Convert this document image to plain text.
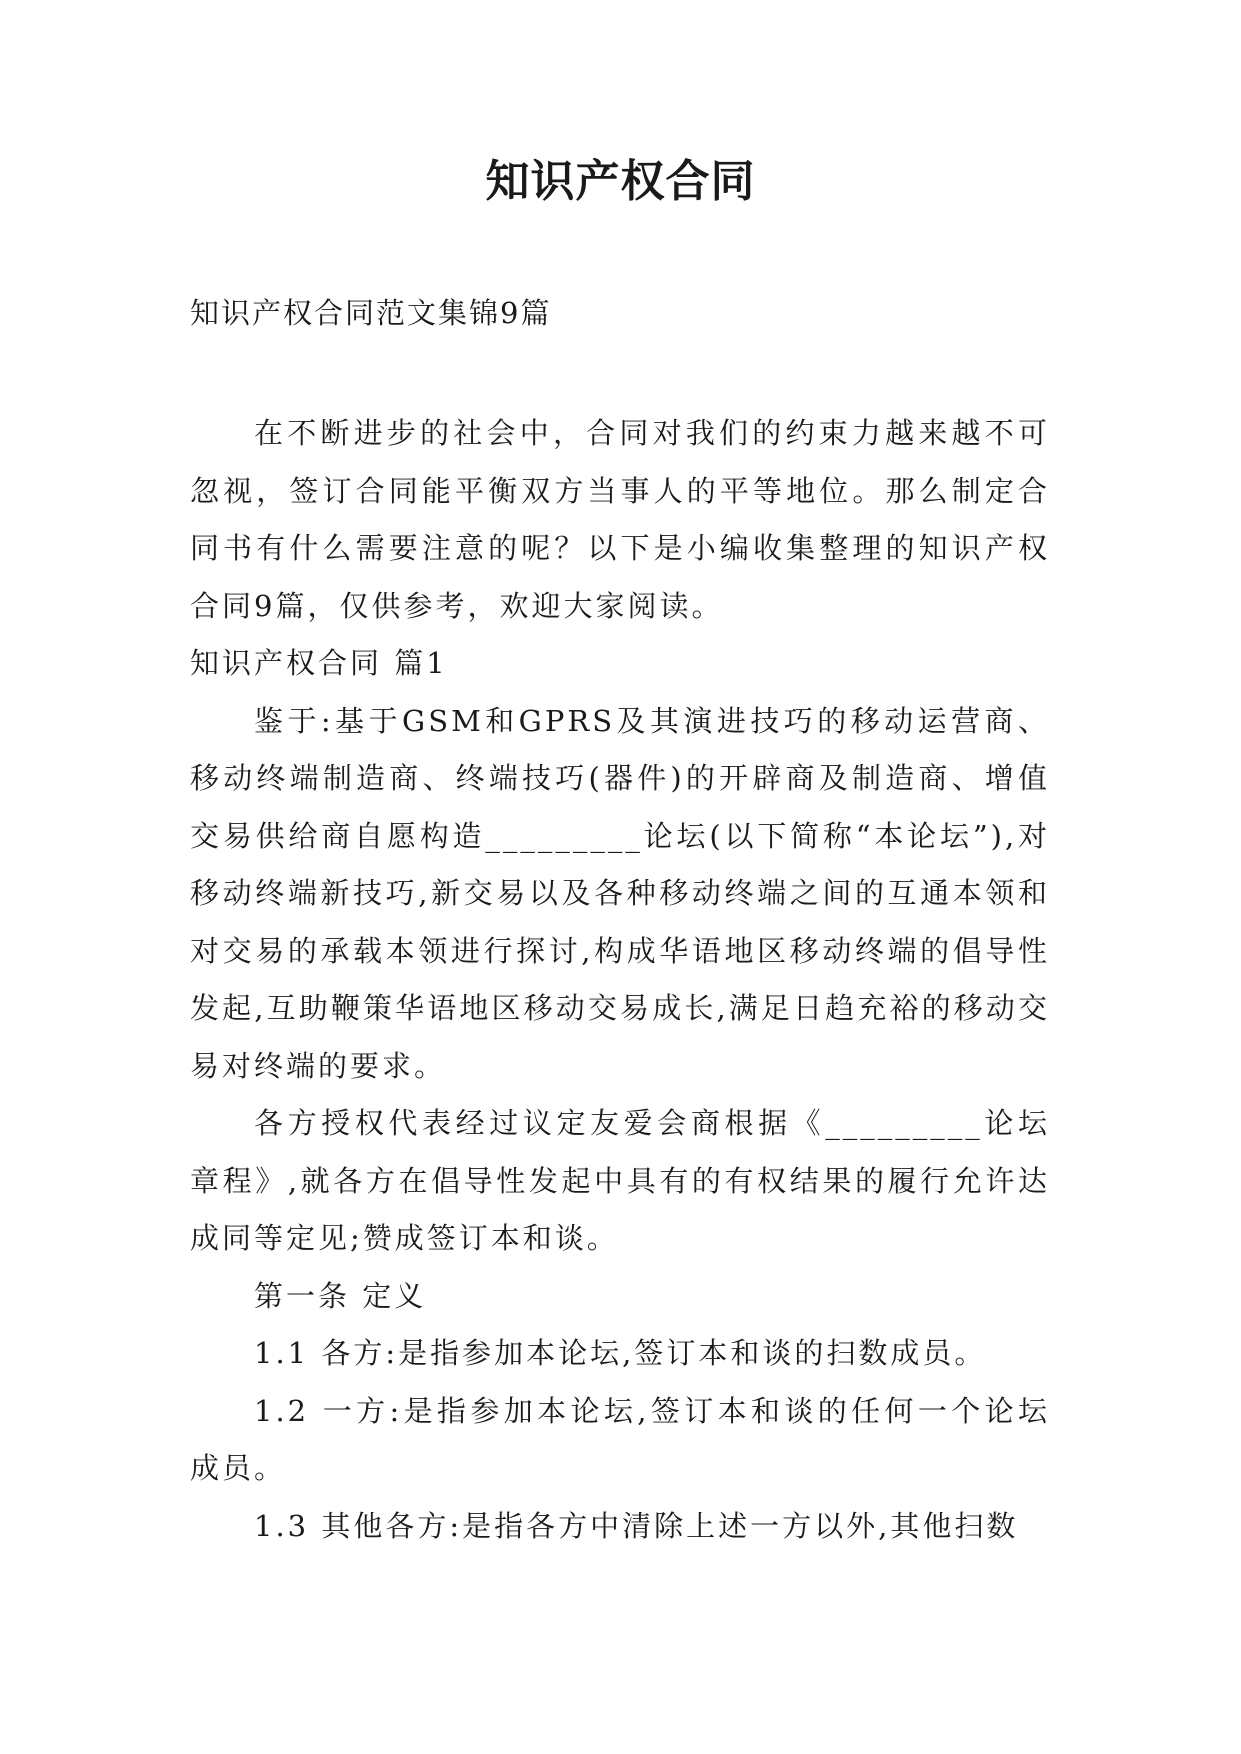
知识产权合同
知识产权合同范文集锦9篇

在不断进步的社会中，合同对我们的约束力越来越不可忽视，签订合同能平衡双方当事人的平等地位。那么制定合同书有什么需要注意的呢？以下是小编收集整理的知识产权合同9篇，仅供参考，欢迎大家阅读。

知识产权合同 篇1

鉴于:基于GSM和GPRS及其演进技巧的移动运营商、移动终端制造商、终端技巧(器件)的开辟商及制造商、增值交易供给商自愿构造_________论坛(以下简称“本论坛”),对移动终端新技巧,新交易以及各种移动终端之间的互通本领和对交易的承载本领进行探讨,构成华语地区移动终端的倡导性发起,互助鞭策华语地区移动交易成长,满足日趋充裕的移动交易对终端的要求。

各方授权代表经过议定友爱会商根据《_________论坛章程》,就各方在倡导性发起中具有的有权结果的履行允许达成同等定见;赞成签订本和谈。

第一条 定义

1.1 各方:是指参加本论坛,签订本和谈的扫数成员。

1.2 一方:是指参加本论坛,签订本和谈的任何一个论坛成员。

1.3 其他各方:是指各方中清除上述一方以外,其他扫数
